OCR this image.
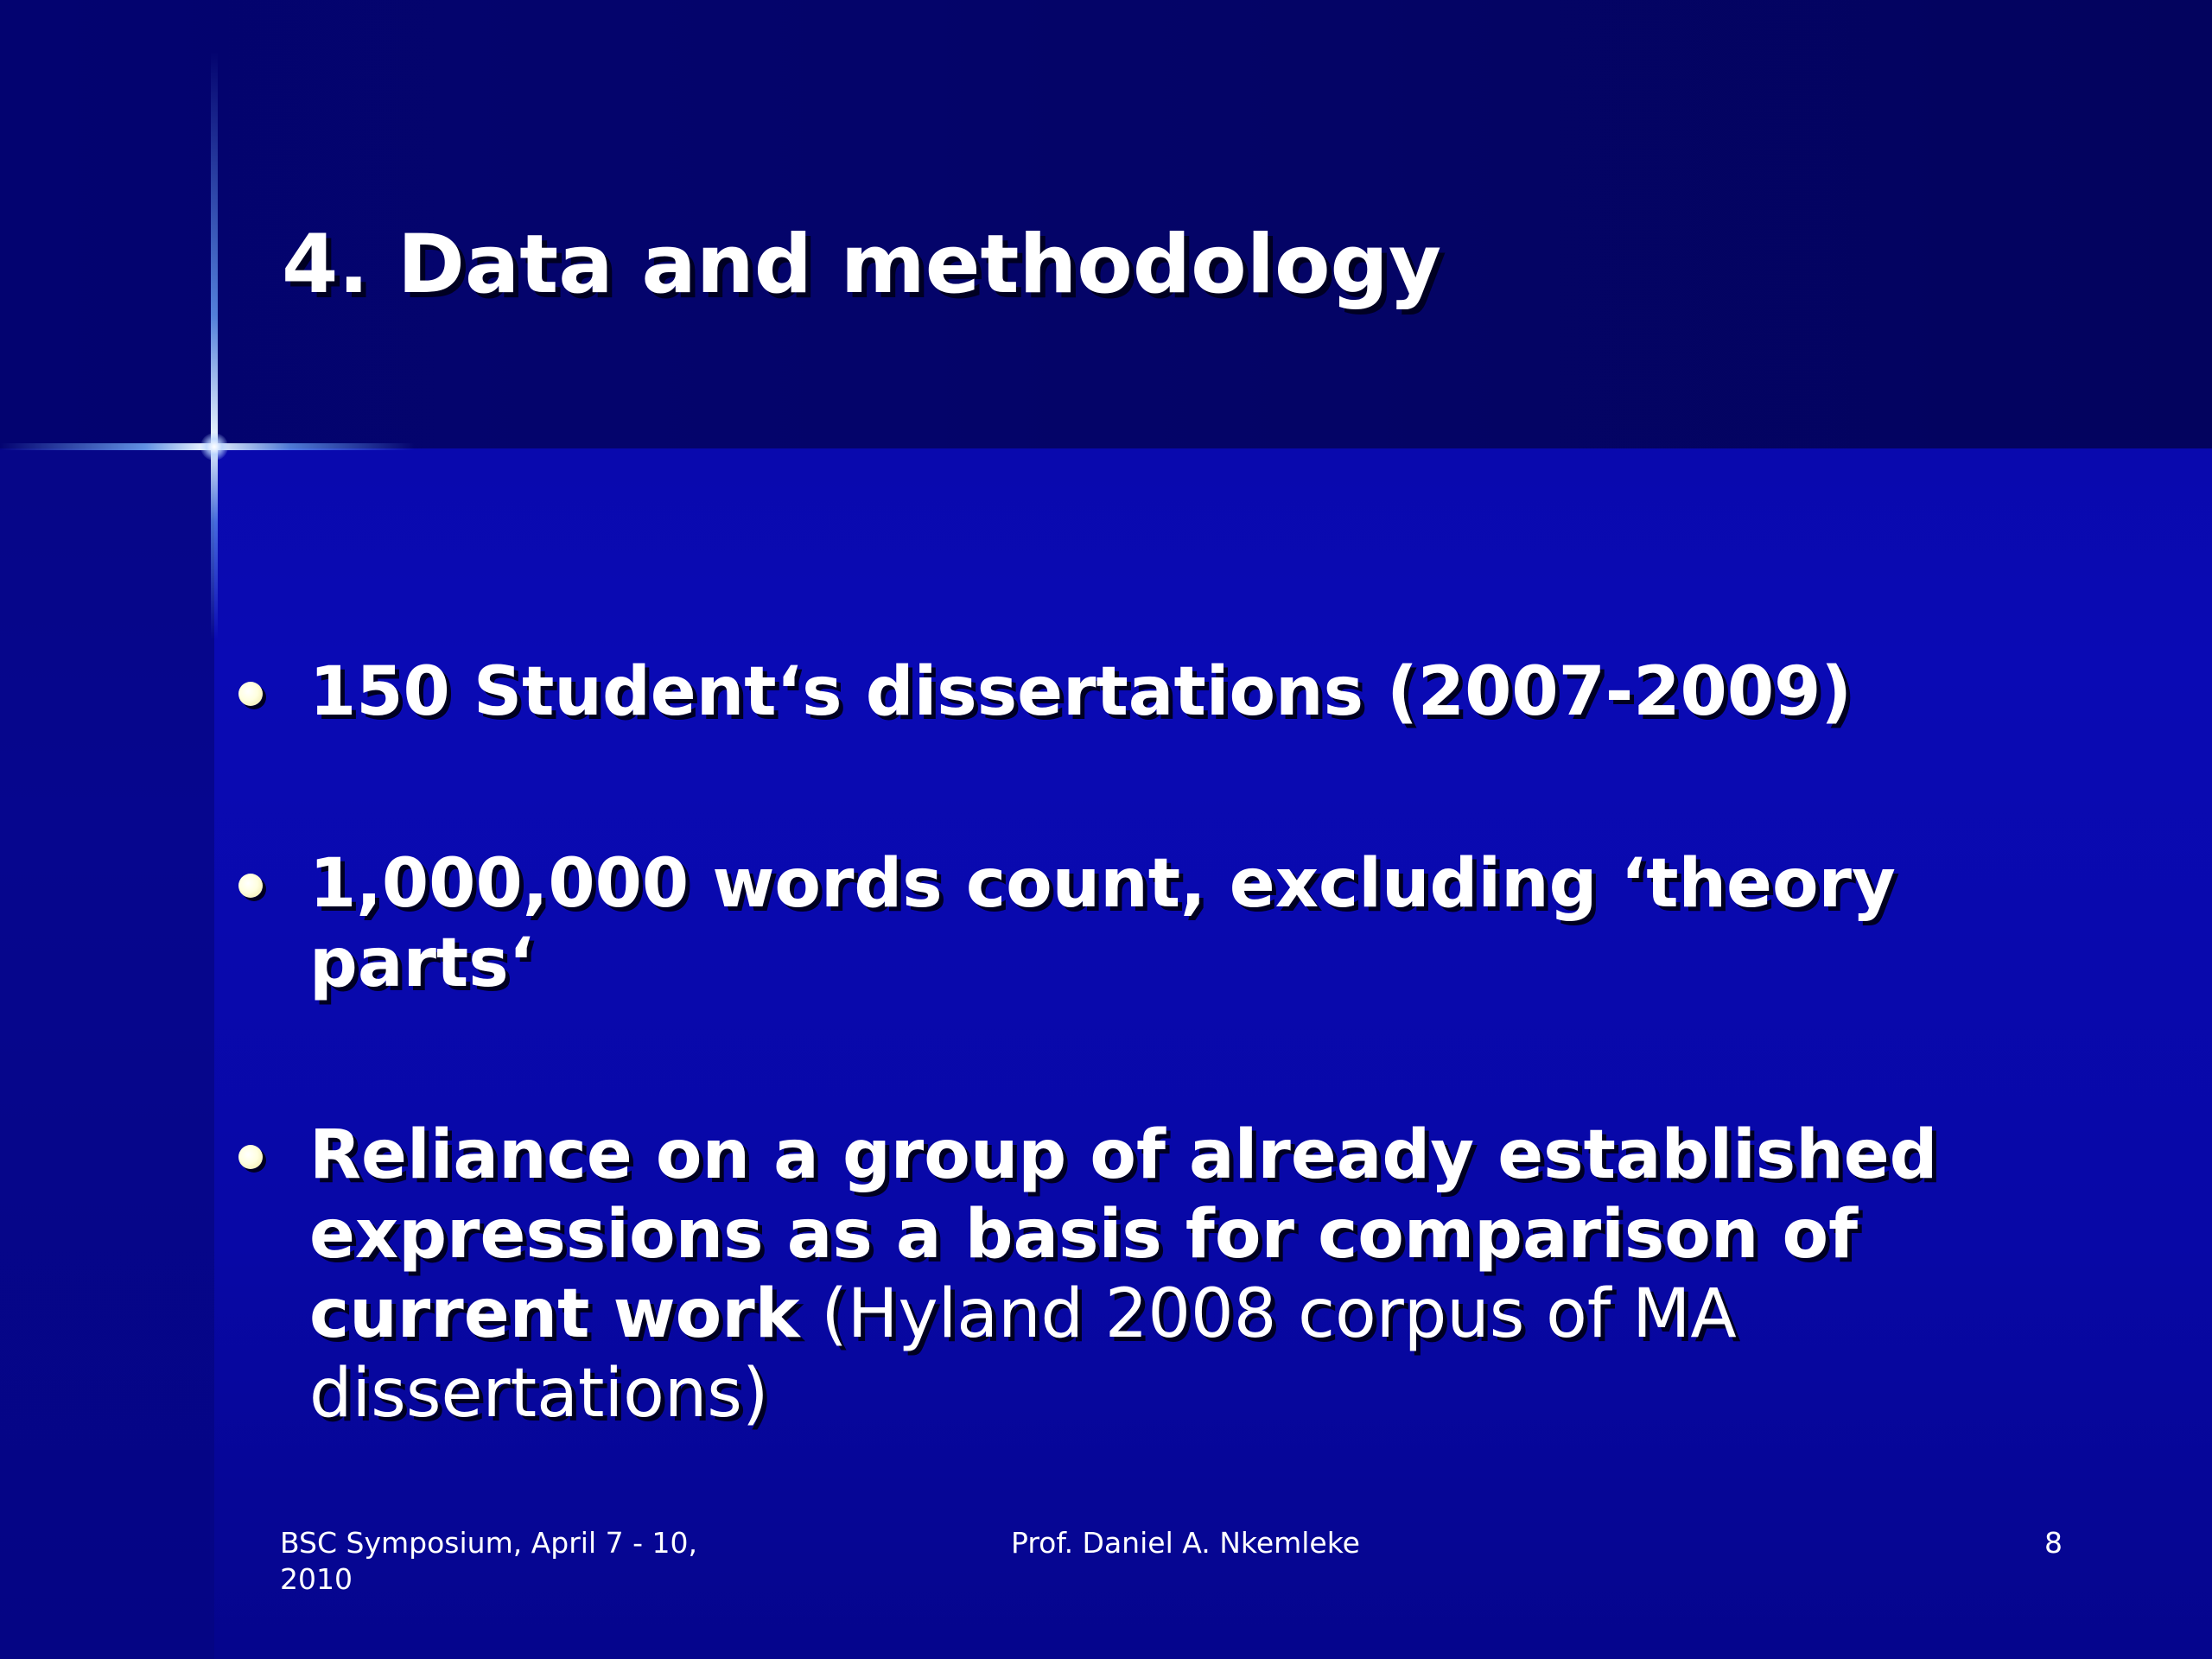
4. Data and methodology
150 Student‘s dissertations (2007-2009)
1,000,000 words count, excluding ‘theory parts‘
Reliance on a group of already established expressions as a basis for comparison of current work (Hyland 2008 corpus of MA dissertations)
BSC Symposium, April 7 - 10, 2010
Prof. Daniel A. Nkemleke	8
